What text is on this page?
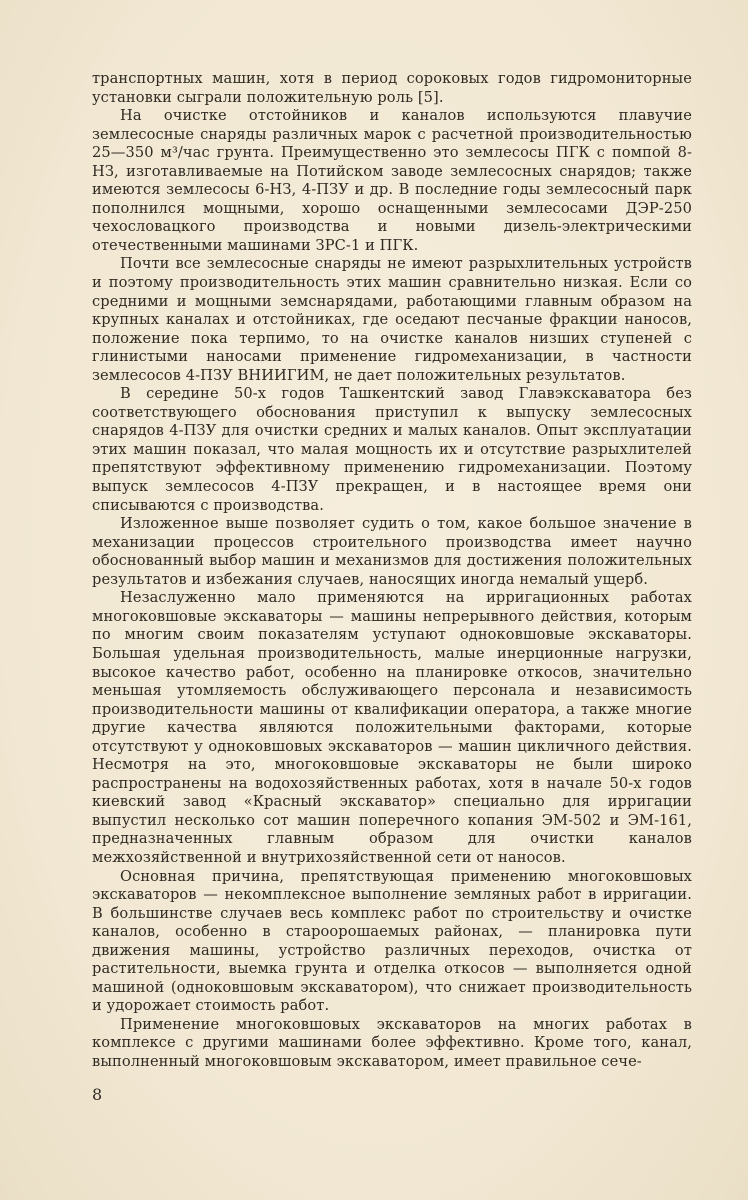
транспортных машин, хотя в период сороковых годов гидромониторные установки сыграли положительную роль [5].

На очистке отстойников и каналов используются плавучие землесосные снаряды различных марок с расчетной производительностью 25—350 м³/час грунта. Преимущественно это землесосы ПГК с помпой 8-НЗ, изготавливаемые на Потийском заводе землесосных снарядов; также имеются землесосы 6-НЗ, 4-ПЗУ и др. В последние годы землесосный парк пополнился мощными, хорошо оснащенными землесосами ДЭР-250 чехословацкого производства и новыми дизель-электрическими отечественными машинами ЗРС-1 и ПГК.

Почти все землесосные снаряды не имеют разрыхлительных устройств и поэтому производительность этих машин сравнительно низкая. Если со средними и мощными земснарядами, работающими главным образом на крупных каналах и отстойниках, где оседают песчаные фракции наносов, положение пока терпимо, то на очистке каналов низших ступеней с глинистыми наносами применение гидромеханизации, в частности землесосов 4-ПЗУ ВНИИГИМ, не дает положительных результатов.

В середине 50-х годов Ташкентский завод Главэкскаватора без соответствующего обоснования приступил к выпуску землесосных снарядов 4-ПЗУ для очистки средних и малых каналов. Опыт эксплуатации этих машин показал, что малая мощность их и отсутствие разрыхлителей препятствуют эффективному применению гидромеханизации. Поэтому выпуск землесосов 4-ПЗУ прекращен, и в настоящее время они списываются с производства.

Изложенное выше позволяет судить о том, какое большое значение в механизации процессов строительного производства имеет научно обоснованный выбор машин и механизмов для достижения положительных результатов и избежания случаев, наносящих иногда немалый ущерб.

Незаслуженно мало применяются на ирригационных работах многоковшовые экскаваторы — машины непрерывного действия, которым по многим своим показателям уступают одноковшовые экскаваторы. Большая удельная производительность, малые инерционные нагрузки, высокое качество работ, особенно на планировке откосов, значительно меньшая утомляемость обслуживающего персонала и независимость производительности машины от квалификации оператора, а также многие другие качества являются положительными факторами, которые отсутствуют у одноковшовых экскаваторов — машин цикличного действия. Несмотря на это, многоковшовые экскаваторы не были широко распространены на водохозяйственных работах, хотя в начале 50-х годов киевский завод «Красный экскаватор» специально для ирригации выпустил несколько сот машин поперечного копания ЭМ-502 и ЭМ-161, предназначенных главным образом для очистки каналов межхозяйственной и внутрихозяйственной сети от наносов.

Основная причина, препятствующая применению многоковшовых экскаваторов — некомплексное выполнение земляных работ в ирригации. В большинстве случаев весь комплекс работ по строительству и очистке каналов, особенно в староорошаемых районах, — планировка пути движения машины, устройство различных переходов, очистка от растительности, выемка грунта и отделка откосов — выполняется одной машиной (одноковшовым экскаватором), что снижает производительность и удорожает стоимость работ.

Применение многоковшовых экскаваторов на многих работах в комплексе с другими машинами более эффективно. Кроме того, канал, выполненный многоковшовым экскаватором, имеет правильное сече-

8
